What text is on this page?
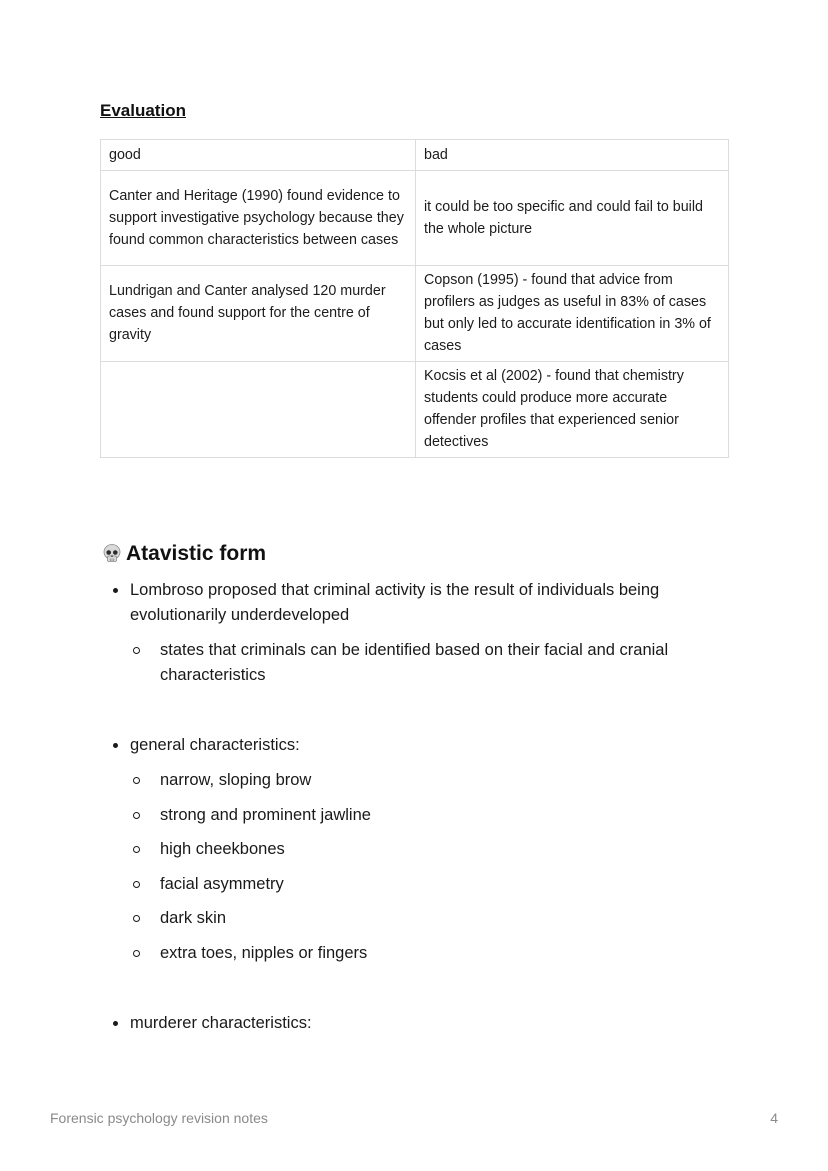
Evaluation
good	bad
Canter and Heritage (1990) found evidence to support investigative psychology because they found common characteristics between cases	it could be too specific and could fail to build the whole picture
Lundrigan and Canter analysed 120 murder cases and found support for the centre of gravity	Copson (1995) - found that advice from profilers as judges as useful in 83% of cases but only led to accurate identification in 3% of cases
	Kocsis et al (2002) - found that chemistry students could produce more accurate offender profiles that experienced senior detectives
Atavistic form
Lombroso proposed that criminal activity is the result of individuals being evolutionarily underdeveloped
states that criminals can be identified based on their facial and cranial characteristics
general characteristics:
narrow, sloping brow
strong and prominent jawline
high cheekbones
facial asymmetry
dark skin
extra toes, nipples or fingers
murderer characteristics:
Forensic psychology revision notes	4
